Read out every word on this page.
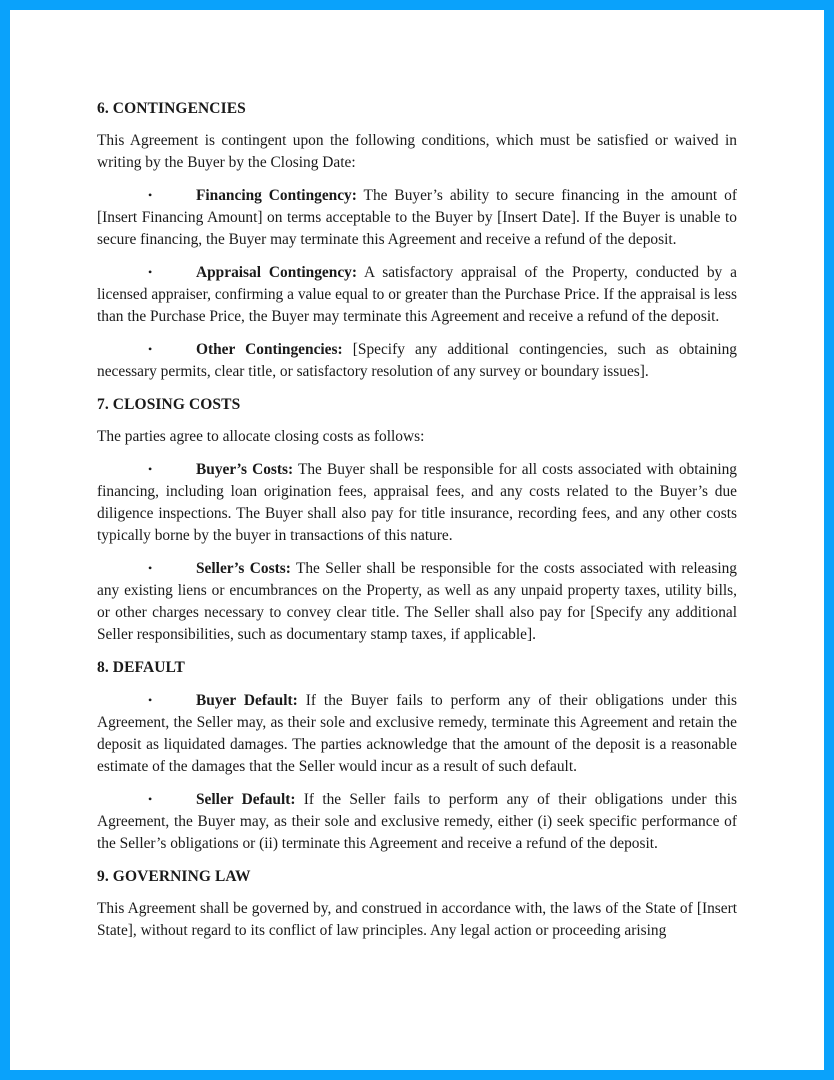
6. CONTINGENCIES

This Agreement is contingent upon the following conditions, which must be satisfied or waived in writing by the Buyer by the Closing Date:

•	Financing Contingency: The Buyer’s ability to secure financing in the amount of [Insert Financing Amount] on terms acceptable to the Buyer by [Insert Date]. If the Buyer is unable to secure financing, the Buyer may terminate this Agreement and receive a refund of the deposit.

•	Appraisal Contingency: A satisfactory appraisal of the Property, conducted by a licensed appraiser, confirming a value equal to or greater than the Purchase Price. If the appraisal is less than the Purchase Price, the Buyer may terminate this Agreement and receive a refund of the deposit.

•	Other Contingencies: [Specify any additional contingencies, such as obtaining necessary permits, clear title, or satisfactory resolution of any survey or boundary issues].

7. CLOSING COSTS

The parties agree to allocate closing costs as follows:

•	Buyer’s Costs: The Buyer shall be responsible for all costs associated with obtaining financing, including loan origination fees, appraisal fees, and any costs related to the Buyer’s due diligence inspections. The Buyer shall also pay for title insurance, recording fees, and any other costs typically borne by the buyer in transactions of this nature.

•	Seller’s Costs: The Seller shall be responsible for the costs associated with releasing any existing liens or encumbrances on the Property, as well as any unpaid property taxes, utility bills, or other charges necessary to convey clear title. The Seller shall also pay for [Specify any additional Seller responsibilities, such as documentary stamp taxes, if applicable].

8. DEFAULT

•	Buyer Default: If the Buyer fails to perform any of their obligations under this Agreement, the Seller may, as their sole and exclusive remedy, terminate this Agreement and retain the deposit as liquidated damages. The parties acknowledge that the amount of the deposit is a reasonable estimate of the damages that the Seller would incur as a result of such default.

•	Seller Default: If the Seller fails to perform any of their obligations under this Agreement, the Buyer may, as their sole and exclusive remedy, either (i) seek specific performance of the Seller’s obligations or (ii) terminate this Agreement and receive a refund of the deposit.

9. GOVERNING LAW

This Agreement shall be governed by, and construed in accordance with, the laws of the State of [Insert State], without regard to its conflict of law principles. Any legal action or proceeding arising
